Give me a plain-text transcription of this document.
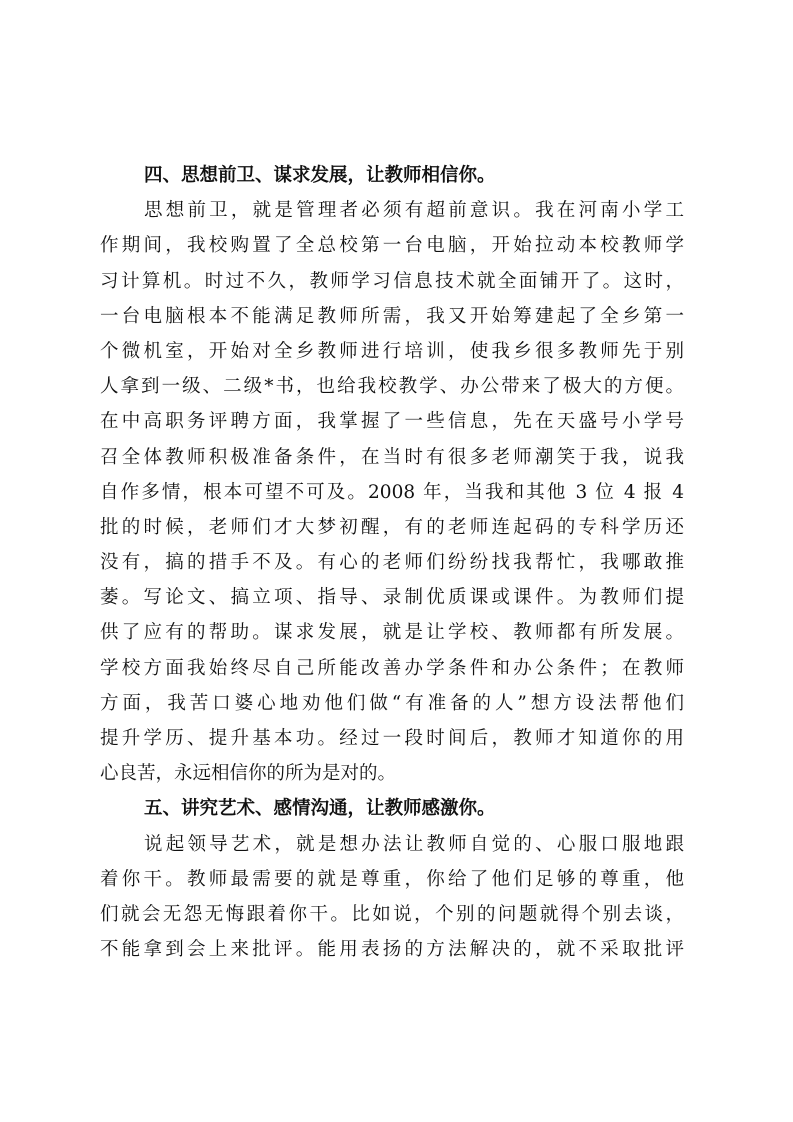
四、思想前卫、谋求发展，让教师相信你。
思想前卫，就是管理者必须有超前意识。我在河南小学工
作期间，我校购置了全总校第一台电脑，开始拉动本校教师学
习计算机。时过不久，教师学习信息技术就全面铺开了。这时，
一台电脑根本不能满足教师所需，我又开始筹建起了全乡第一
个微机室，开始对全乡教师进行培训，使我乡很多教师先于别
人拿到一级、二级*书，也给我校教学、办公带来了极大的方便。
在中高职务评聘方面，我掌握了一些信息，先在天盛号小学号
召全体教师积极准备条件，在当时有很多老师潮笑于我，说我
自作多情，根本可望不可及。2008 年，当我和其他 3 位 4 报 4
批的时候，老师们才大梦初醒，有的老师连起码的专科学历还
没有，搞的措手不及。有心的老师们纷纷找我帮忙，我哪敢推
萎。写论文、搞立项、指导、录制优质课或课件。为教师们提
供了应有的帮助。谋求发展，就是让学校、教师都有所发展。
学校方面我始终尽自己所能改善办学条件和办公条件；在教师
方面，我苦口婆心地劝他们做“有准备的人”想方设法帮他们
提升学历、提升基本功。经过一段时间后，教师才知道你的用
心良苦，永远相信你的所为是对的。
五、讲究艺术、感情沟通，让教师感激你。
说起领导艺术，就是想办法让教师自觉的、心服口服地跟
着你干。教师最需要的就是尊重，你给了他们足够的尊重，他
们就会无怨无悔跟着你干。比如说，个别的问题就得个别去谈，
不能拿到会上来批评。能用表扬的方法解决的，就不采取批评
